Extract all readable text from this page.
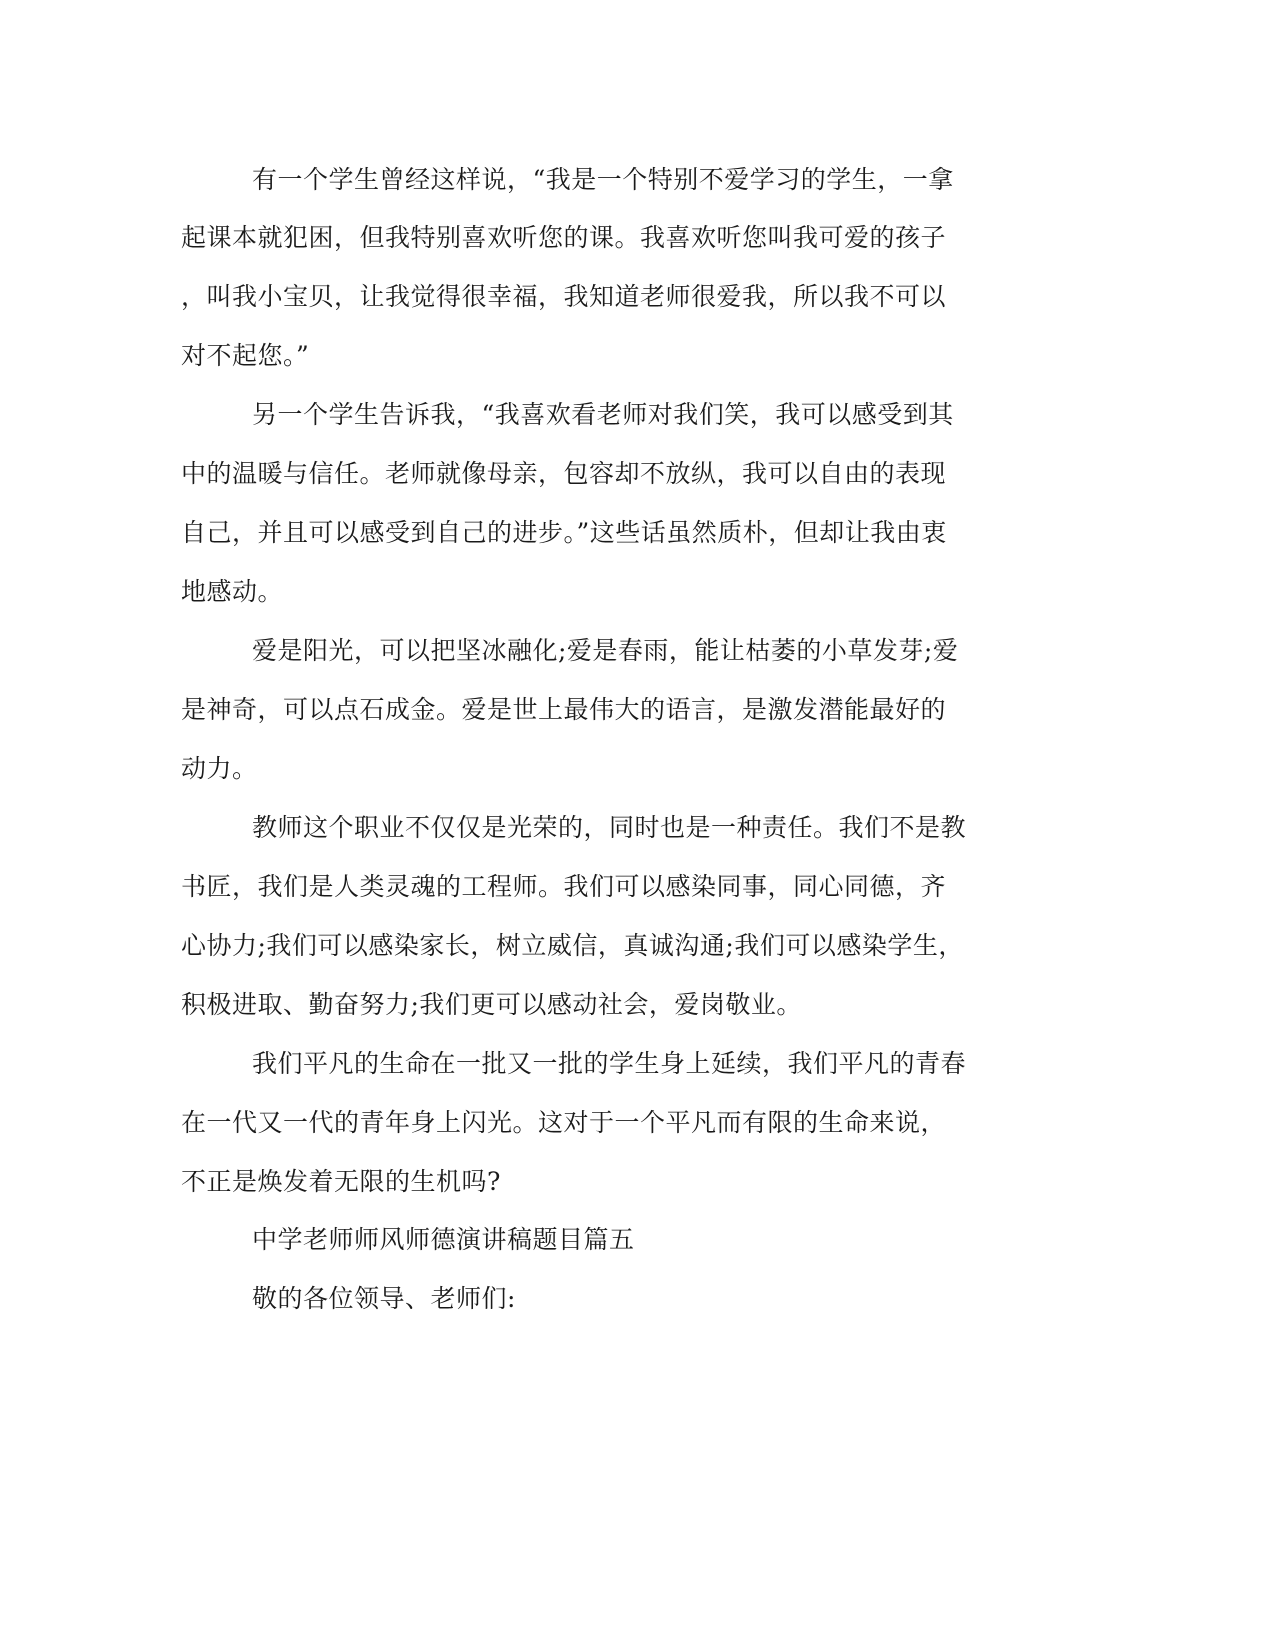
有一个学生曾经这样说，“我是一个特别不爱学习的学生，一拿
起课本就犯困，但我特别喜欢听您的课。我喜欢听您叫我可爱的孩子
，叫我小宝贝，让我觉得很幸福，我知道老师很爱我，所以我不可以
对不起您。”
另一个学生告诉我，“我喜欢看老师对我们笑，我可以感受到其
中的温暖与信任。老师就像母亲，包容却不放纵，我可以自由的表现
自己，并且可以感受到自己的进步。”这些话虽然质朴，但却让我由衷
地感动。
爱是阳光，可以把坚冰融化;爱是春雨，能让枯萎的小草发芽;爱
是神奇，可以点石成金。爱是世上最伟大的语言，是激发潜能最好的
动力。
教师这个职业不仅仅是光荣的，同时也是一种责任。我们不是教
书匠，我们是人类灵魂的工程师。我们可以感染同事，同心同德，齐
心协力;我们可以感染家长，树立威信，真诚沟通;我们可以感染学生，
积极进取、勤奋努力;我们更可以感动社会，爱岗敬业。
我们平凡的生命在一批又一批的学生身上延续，我们平凡的青春
在一代又一代的青年身上闪光。这对于一个平凡而有限的生命来说，
不正是焕发着无限的生机吗?
中学老师师风师德演讲稿题目篇五
敬的各位领导、老师们:
